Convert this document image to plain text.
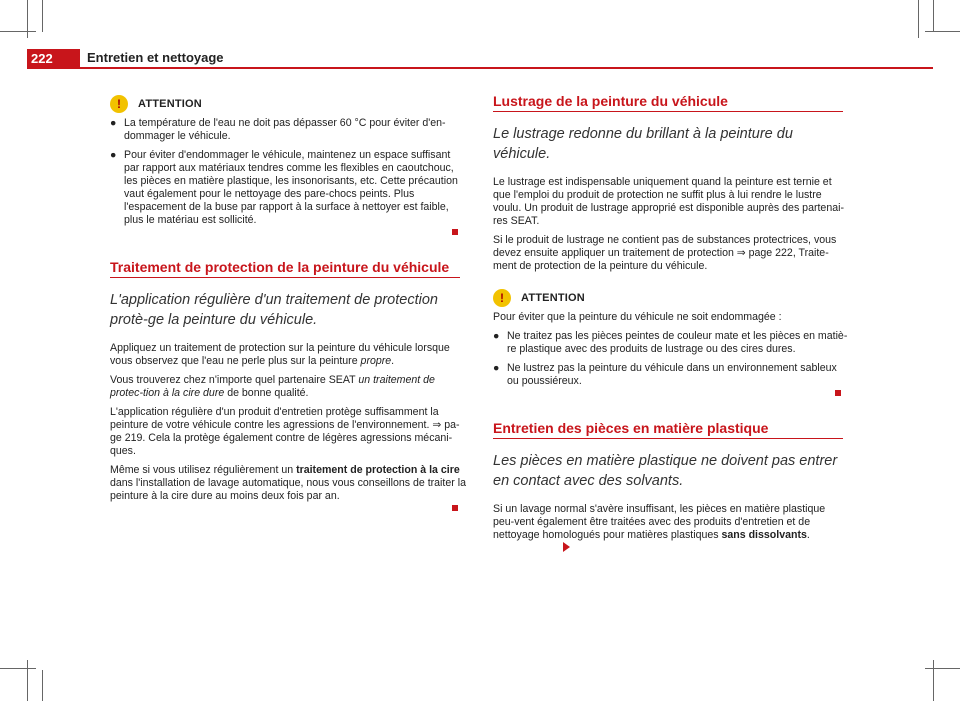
222	Entretien et nettoyage
!	ATTENTION
● La température de l'eau ne doit pas dépasser 60 °C pour éviter d'en-dommager le véhicule.
● Pour éviter d'endommager le véhicule, maintenez un espace suffisant par rapport aux matériaux tendres comme les flexibles en caoutchouc, les pièces en matière plastique, les insonorisants, etc. Cette précaution vaut également pour le nettoyage des pare-chocs peints. Plus l'espacement de la buse par rapport à la surface à nettoyer est faible, plus le matériau est sollicité.
Traitement de protection de la peinture du véhicule
L'application régulière d'un traitement de protection protè-ge la peinture du véhicule.

Appliquez un traitement de protection sur la peinture du véhicule lorsque vous observez que l'eau ne perle plus sur la peinture propre.

Vous trouverez chez n'importe quel partenaire SEAT un traitement de protec-tion à la cire dure de bonne qualité.

L'application régulière d'un produit d'entretien protège suffisamment la peinture de votre véhicule contre les agressions de l'environnement. ⇒ pa-ge 219. Cela la protège également contre de légères agressions mécani-ques.

Même si vous utilisez régulièrement un traitement de protection à la cire dans l'installation de lavage automatique, nous vous conseillons de traiter la peinture à la cire dure au moins deux fois par an.

Lustrage de la peinture du véhicule
Le lustrage redonne du brillant à la peinture du véhicule.

Le lustrage est indispensable uniquement quand la peinture est ternie et que l'emploi du produit de protection ne suffit plus à lui rendre le lustre voulu. Un produit de lustrage approprié est disponible auprès des partenai-res SEAT.

Si le produit de lustrage ne contient pas de substances protectrices, vous devez ensuite appliquer un traitement de protection ⇒ page 222, Traite-ment de protection de la peinture du véhicule.

!	ATTENTION

Pour éviter que la peinture du véhicule ne soit endommagée :

● Ne traitez pas les pièces peintes de couleur mate et les pièces en matiè-re plastique avec des produits de lustrage ou des cires dures.
● Ne lustrez pas la peinture du véhicule dans un environnement sableux ou poussiéreux.
Entretien des pièces en matière plastique
Les pièces en matière plastique ne doivent pas entrer en contact avec des solvants.

Si un lavage normal s'avère insuffisant, les pièces en matière plastique peu-vent également être traitées avec des produits d'entretien et de nettoyage homologués pour matières plastiques sans dissolvants.
